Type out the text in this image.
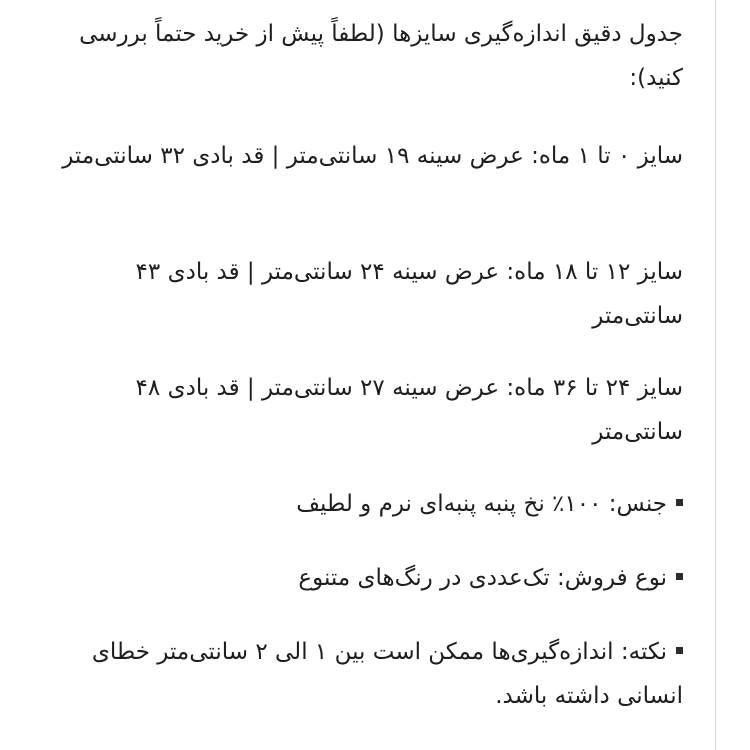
جدول دقیق اندازه‌گیری سایزها (لطفاً پیش از خرید حتماً بررسی کنید):
سایز ۰ تا ۱ ماه: عرض سینه ۱۹ سانتی‌متر | قد بادی ۳۲ سانتی‌متر
سایز ۱۲ تا ۱۸ ماه: عرض سینه ۲۴ سانتی‌متر | قد بادی ۴۳ سانتی‌متر
سایز ۲۴ تا ۳۶ ماه: عرض سینه ۲۷ سانتی‌متر | قد بادی ۴۸ سانتی‌متر
جنس: ۱۰۰٪ نخ پنبه پنبه‌ای نرم و لطیف
نوع فروش: تک‌عددی در رنگ‌های متنوع
نکته: اندازه‌گیری‌ها ممکن است بین ۱ الی ۲ سانتی‌متر خطای انسانی داشته باشد.
